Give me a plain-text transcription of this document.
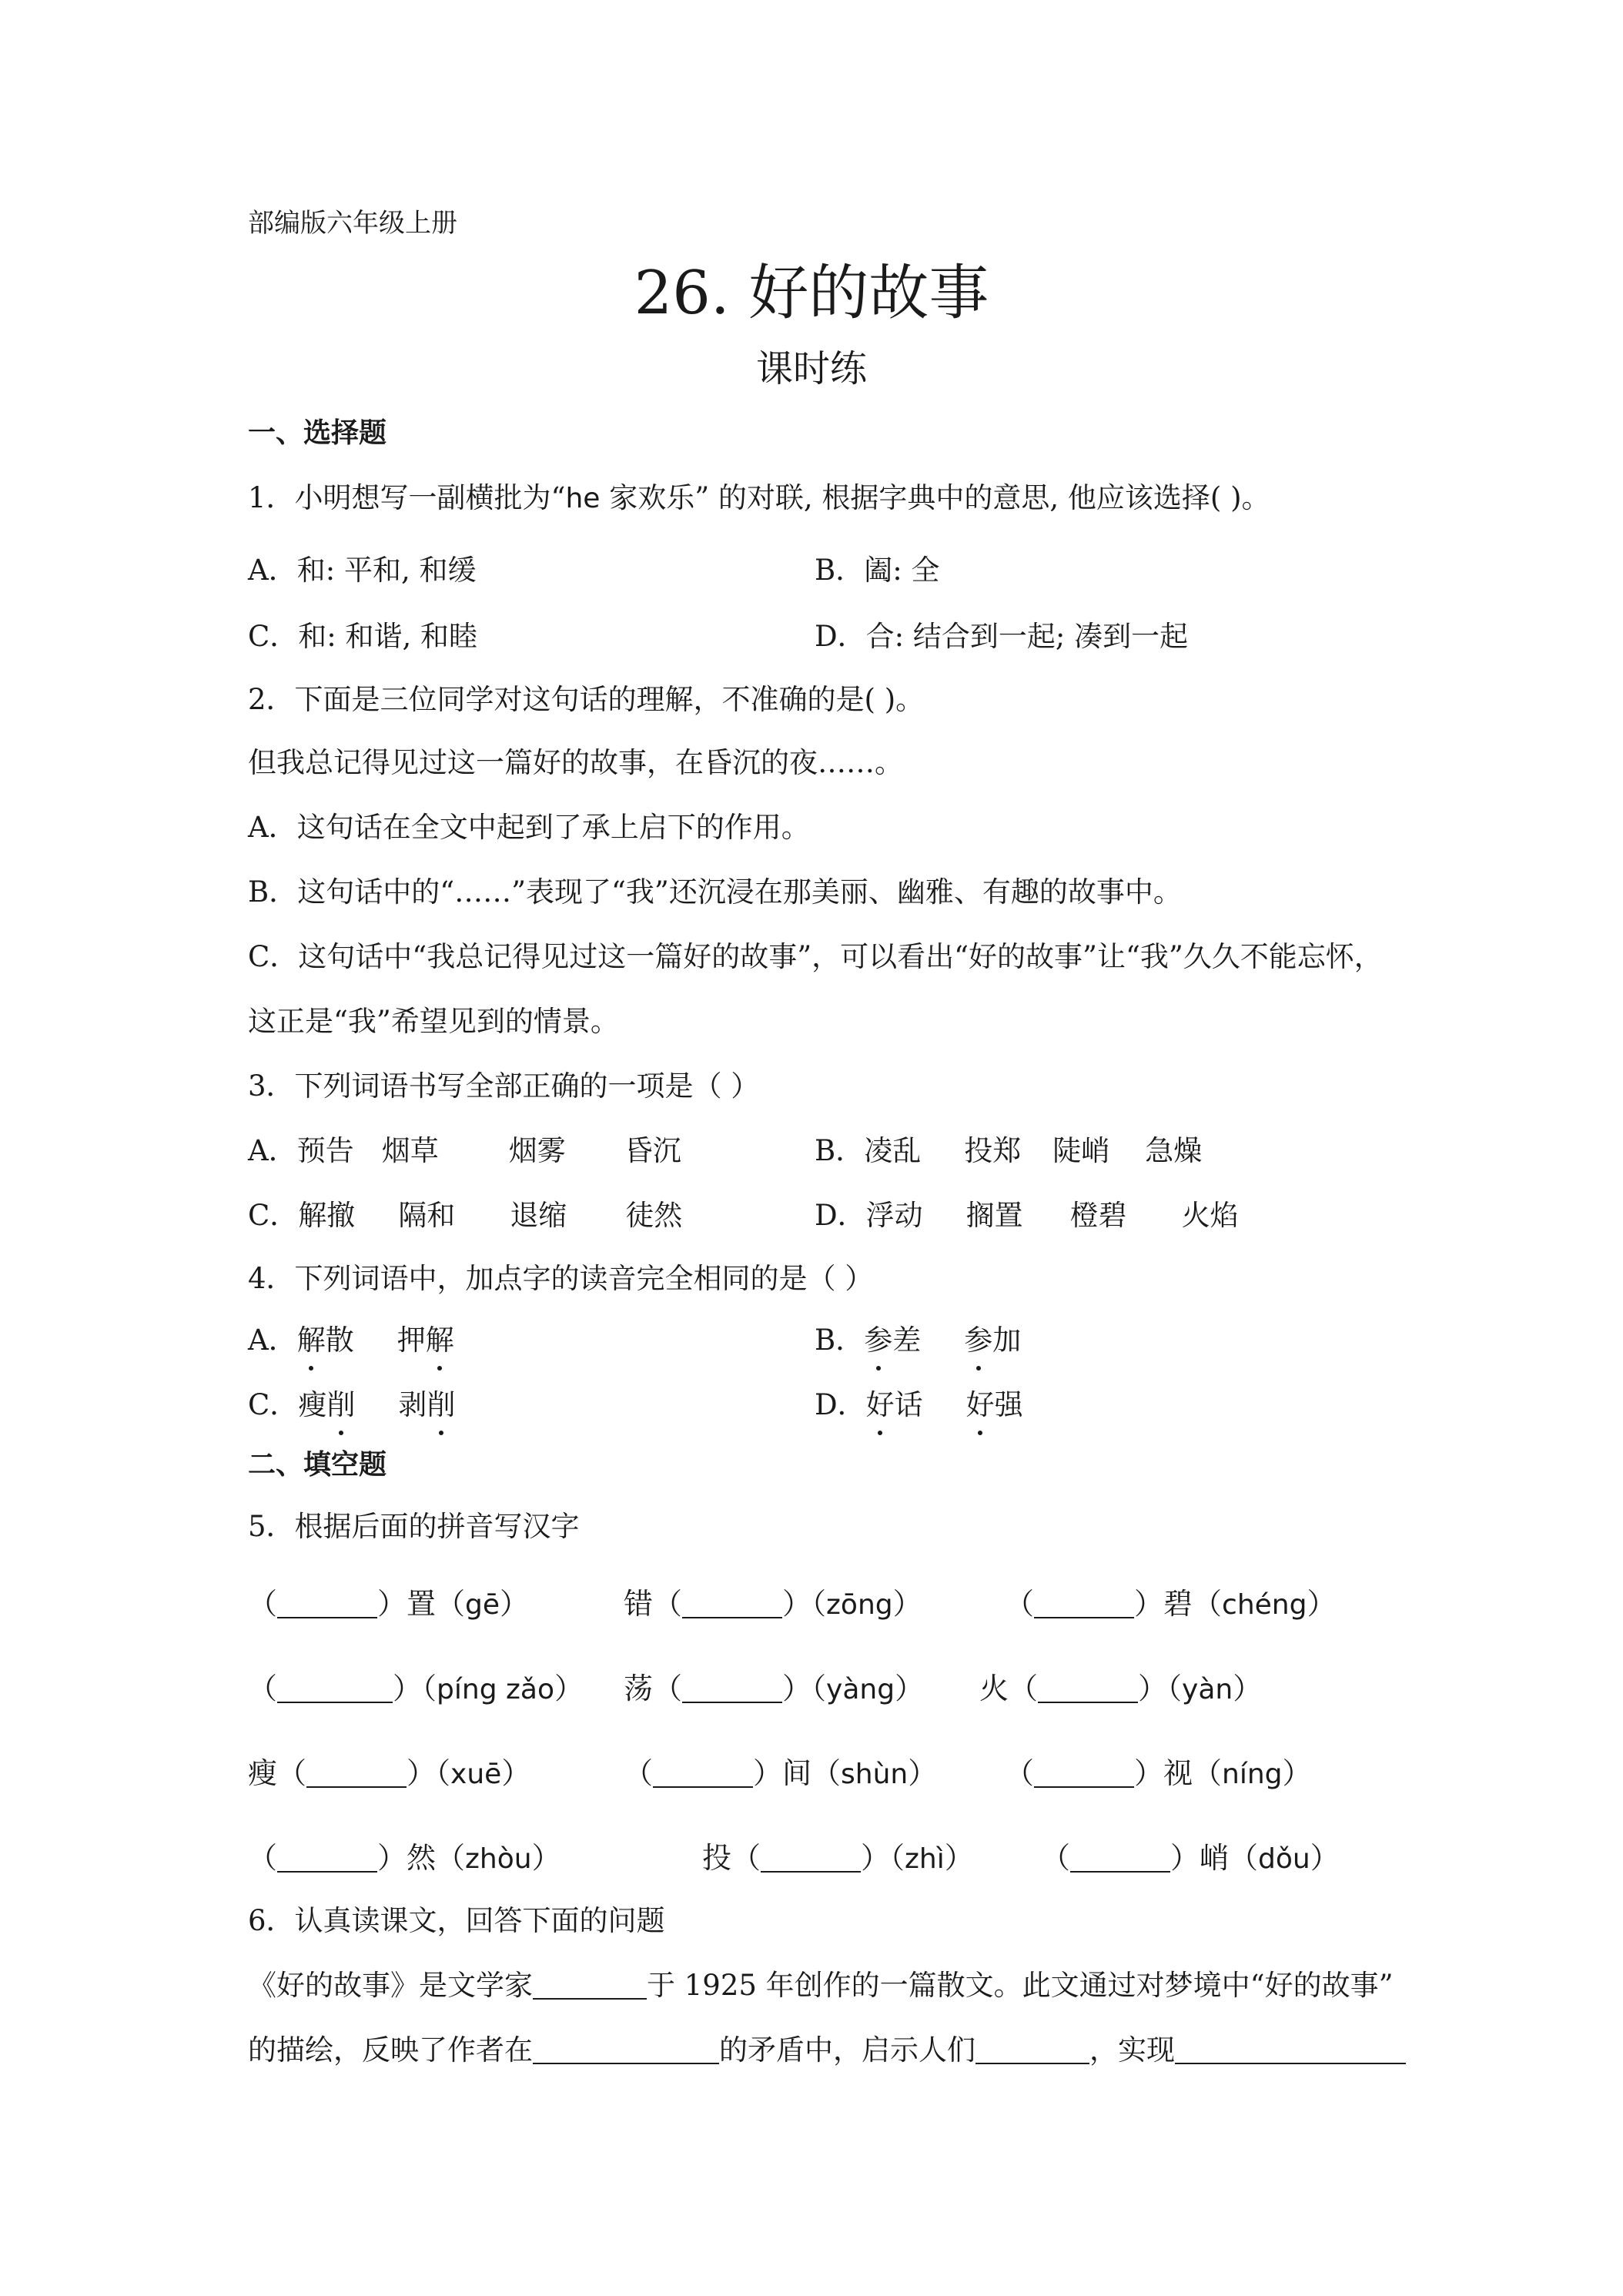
部编版六年级上册
26. 好的故事
课时练
一、选择题
1．小明想写一副横批为“he 家欢乐” 的对联, 根据字典中的意思, 他应该选择( )。
A．和: 平和, 和缓	B．阖: 全
C．和: 和谐, 和睦	D．合: 结合到一起; 凑到一起
2．下面是三位同学对这句话的理解，不准确的是( )。
但我总记得见过这一篇好的故事，在昏沉的夜……。
A．这句话在全文中起到了承上启下的作用。
B．这句话中的“……”表现了“我”还沉浸在那美丽、幽雅、有趣的故事中。
C．这句话中“我总记得见过这一篇好的故事”，可以看出“好的故事”让“我”久久不能忘怀，
这正是“我”希望见到的情景。
3．下列词语书写全部正确的一项是（ ）
A．预告 烟草 烟雾 昏沉	B．凌乱 投郑 陡峭 急燥
C．解撤 隔和 退缩 徒然	D．浮动 搁置 橙碧 火焰
4．下列词语中，加点字的读音完全相同的是（ ）
A．解散 押解	B．参差 参加
C．瘦削 剥削	D．好话 好强
二、填空题
5．根据后面的拼音写汉字
（	）置（gē）	错（	）（zōng）	（	）碧（chéng）
（	）（píng zǎo） 荡（	）（yàng） 火（	）（yàn）
瘦（	）（xuē）	（	）间（shùn） （	）视（níng）
（	）然（zhòu）	投（	）（zhì） （	）峭（dǒu）
6．认真读课文，回答下面的问题
《好的故事》是文学家	于 1925 年创作的一篇散文。此文通过对梦境中“好的故事”
的描绘，反映了作者在	的矛盾中，启示人们	，实现
